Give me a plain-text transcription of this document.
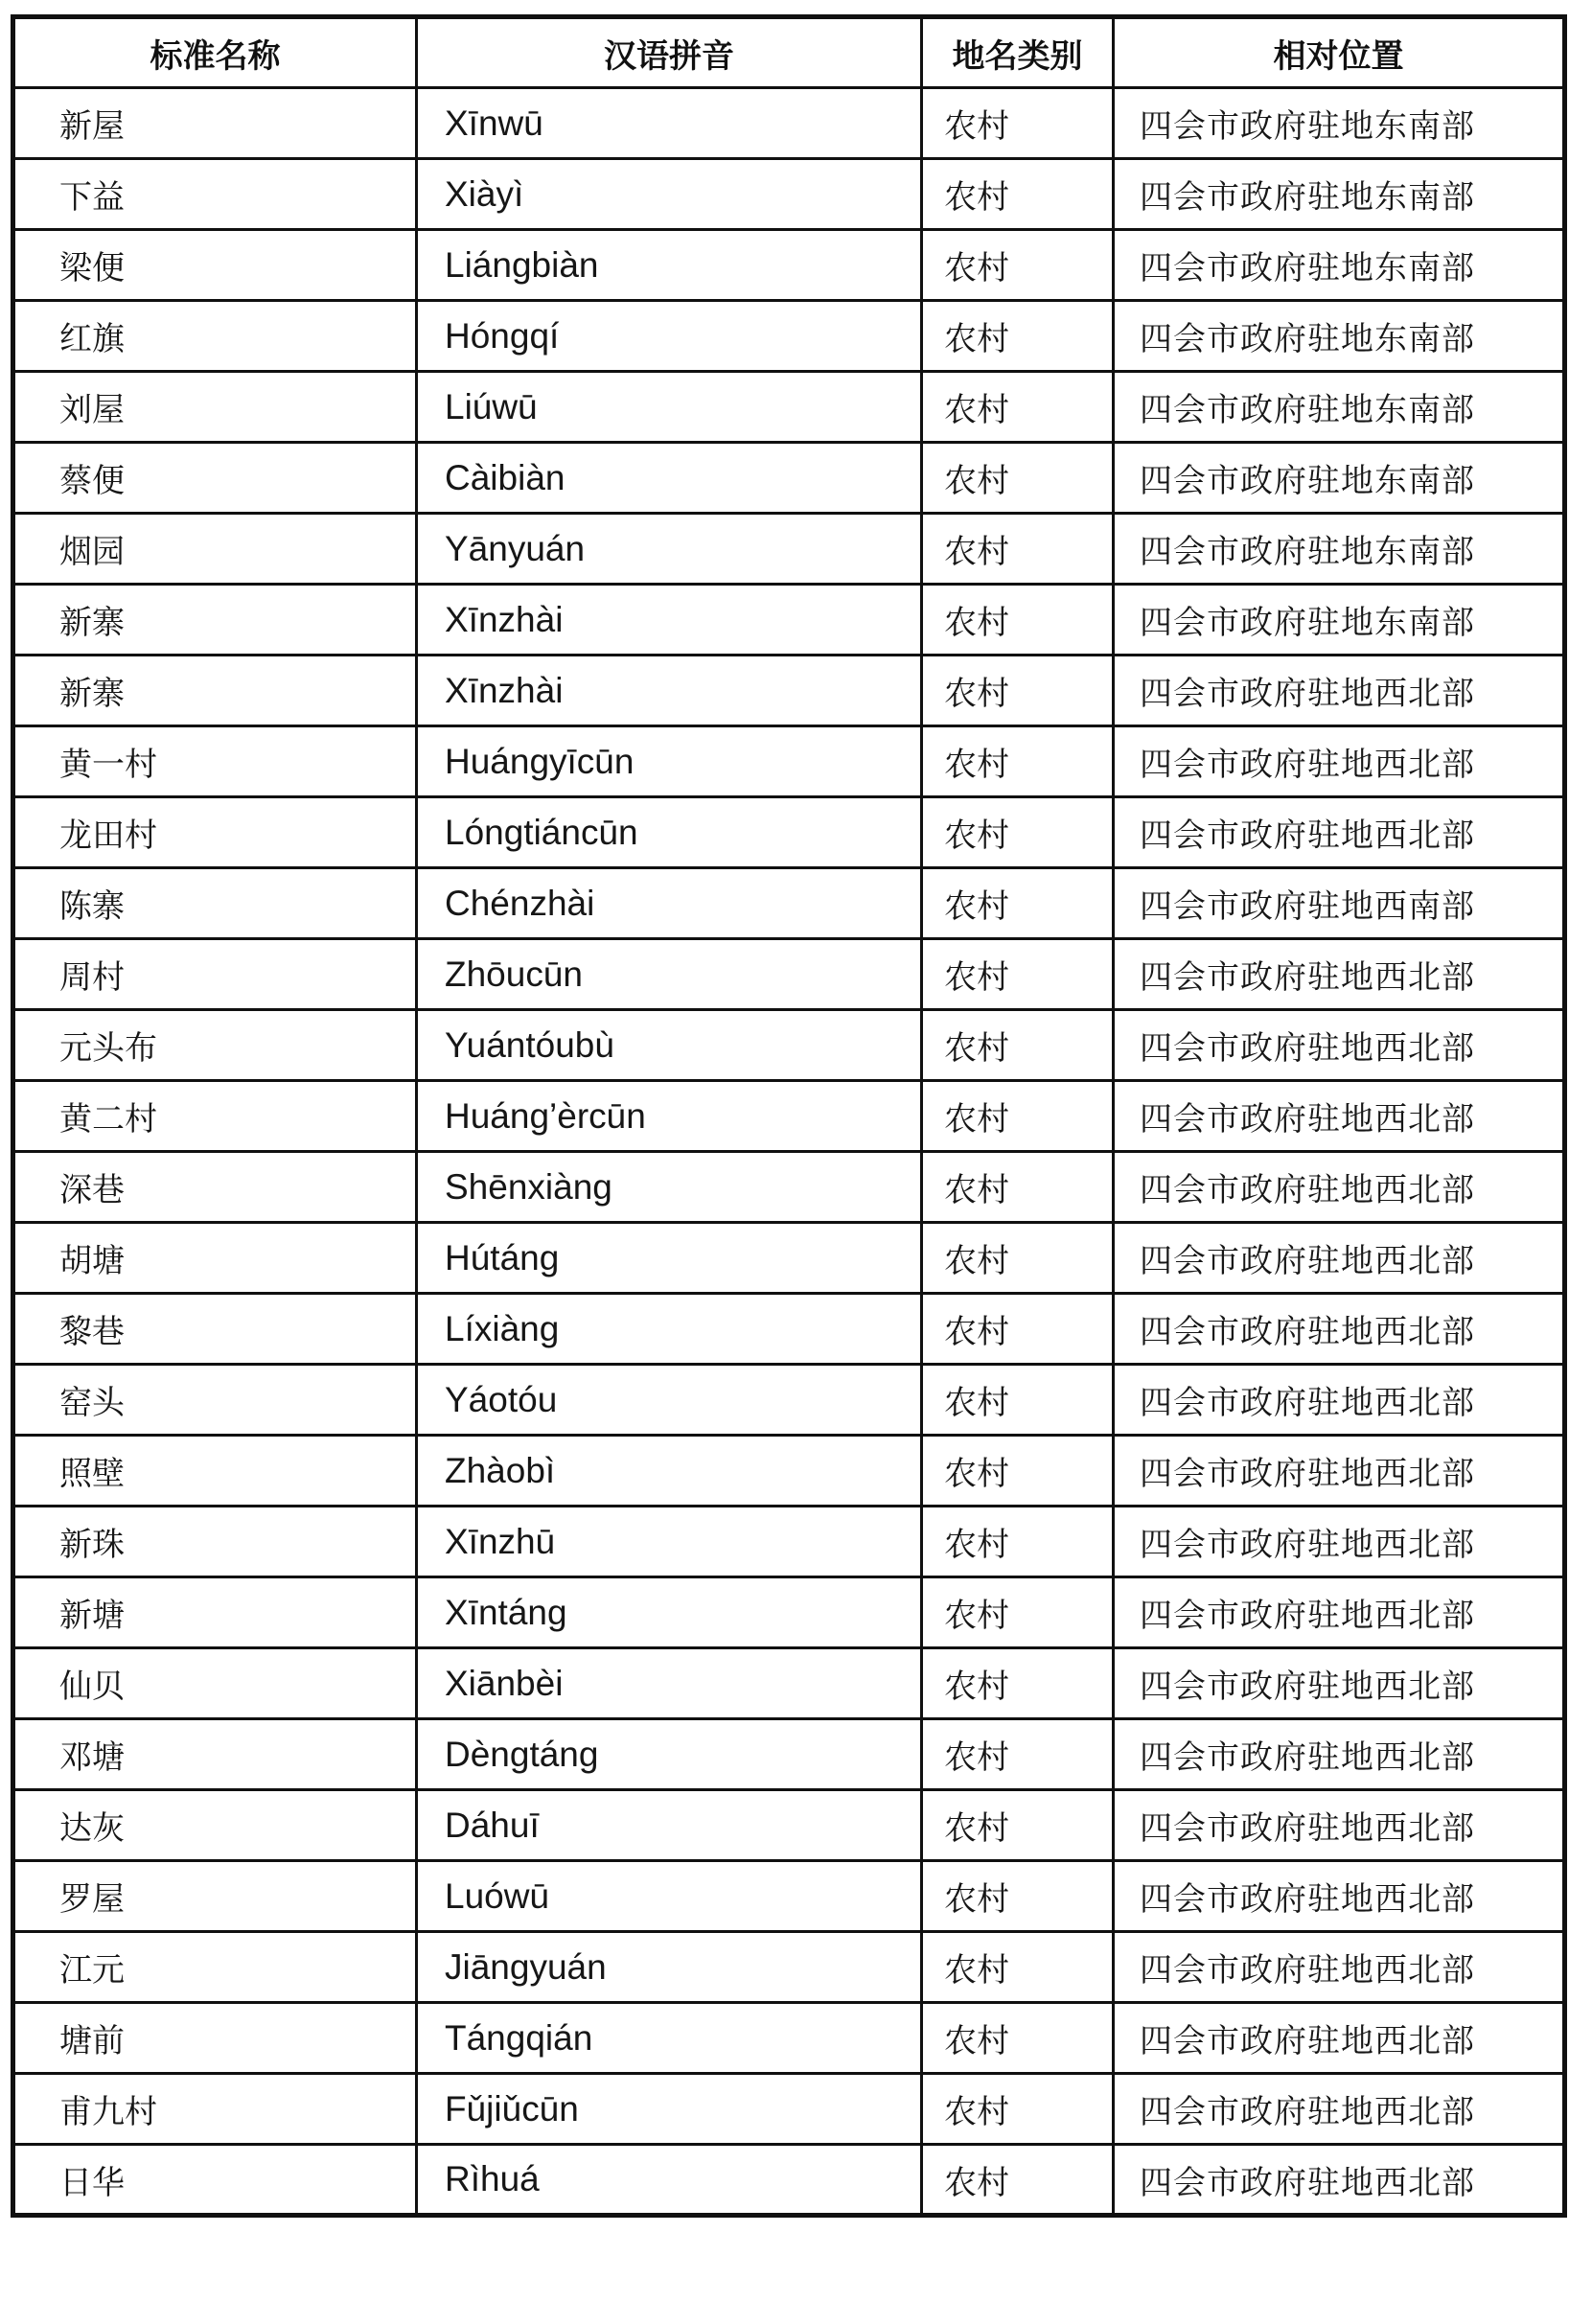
标准名称	汉语拼音	地名类别	相对位置
新屋	Xīnwū	农村	四会市政府驻地东南部
下益	Xiàyì	农村	四会市政府驻地东南部
梁便	Liángbiàn	农村	四会市政府驻地东南部
红旗	Hóngqí	农村	四会市政府驻地东南部
刘屋	Liúwū	农村	四会市政府驻地东南部
蔡便	Càibiàn	农村	四会市政府驻地东南部
烟园	Yānyuán	农村	四会市政府驻地东南部
新寨	Xīnzhài	农村	四会市政府驻地东南部
新寨	Xīnzhài	农村	四会市政府驻地西北部
黄一村	Huángyīcūn	农村	四会市政府驻地西北部
龙田村	Lóngtiáncūn	农村	四会市政府驻地西北部
陈寨	Chénzhài	农村	四会市政府驻地西南部
周村	Zhōucūn	农村	四会市政府驻地西北部
元头布	Yuántóubù	农村	四会市政府驻地西北部
黄二村	Huáng’èrcūn	农村	四会市政府驻地西北部
深巷	Shēnxiàng	农村	四会市政府驻地西北部
胡塘	Hútáng	农村	四会市政府驻地西北部
黎巷	Líxiàng	农村	四会市政府驻地西北部
窑头	Yáotóu	农村	四会市政府驻地西北部
照壁	Zhàobì	农村	四会市政府驻地西北部
新珠	Xīnzhū	农村	四会市政府驻地西北部
新塘	Xīntáng	农村	四会市政府驻地西北部
仙贝	Xiānbèi	农村	四会市政府驻地西北部
邓塘	Dèngtáng	农村	四会市政府驻地西北部
达灰	Dáhuī	农村	四会市政府驻地西北部
罗屋	Luówū	农村	四会市政府驻地西北部
江元	Jiāngyuán	农村	四会市政府驻地西北部
塘前	Tángqián	农村	四会市政府驻地西北部
甫九村	Fǔjiǔcūn	农村	四会市政府驻地西北部
日华	Rìhuá	农村	四会市政府驻地西北部
